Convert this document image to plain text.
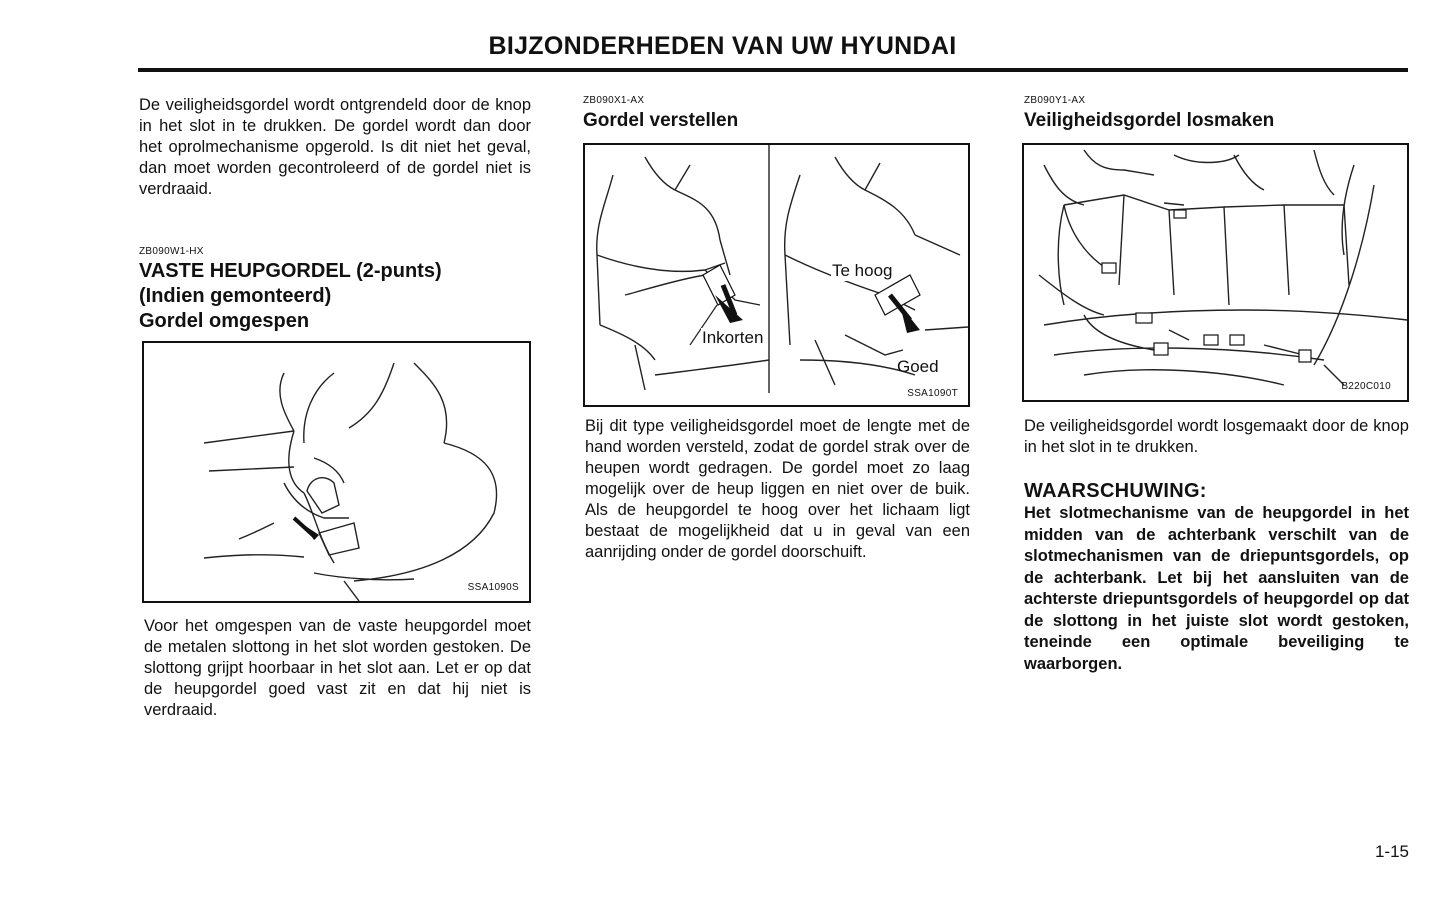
BIJZONDERHEDEN VAN UW HYUNDAI

De veiligheidsgordel wordt ontgrendeld door de knop in het slot in te drukken. De gordel wordt dan door het oprolmechanisme opgerold. Is dit niet het geval, dan moet worden gecontroleerd of de gordel niet is verdraaid.

ZB090W1-HX

VASTE HEUPGORDEL (2-punts)

(Indien gemonteerd)

Gordel omgespen

SSA1090S

Voor het omgespen van de vaste heupgordel moet de metalen slottong in het slot worden gestoken. De slottong grijpt hoorbaar in het slot aan. Let er op dat de heupgordel goed vast zit en dat hij niet is verdraaid.

ZB090X1-AX

Gordel verstellen

Inkorten
Te hoog
Goed
SSA1090T

Bij dit type veiligheidsgordel moet de lengte met de hand worden versteld, zodat de gordel strak over de heupen wordt gedragen. De gordel moet zo laag mogelijk over de heup liggen en niet over de buik. Als de heupgordel te hoog over het lichaam ligt bestaat de mogelijkheid dat u in geval van een aanrijding onder de gordel doorschuift.

ZB090Y1-AX

Veiligheidsgordel losmaken

B220C010

De veiligheidsgordel wordt losgemaakt door de knop in het slot in te drukken.

WAARSCHUWING:

Het slotmechanisme van de heupgordel in het midden van de achterbank verschilt van de slotmechanismen van de driepuntsgordels, op de achterbank. Let bij het aansluiten van de achterste driepuntsgordels of heupgordel op dat de slottong in het juiste slot wordt gestoken, teneinde een optimale beveiliging te waarborgen.

1-15
